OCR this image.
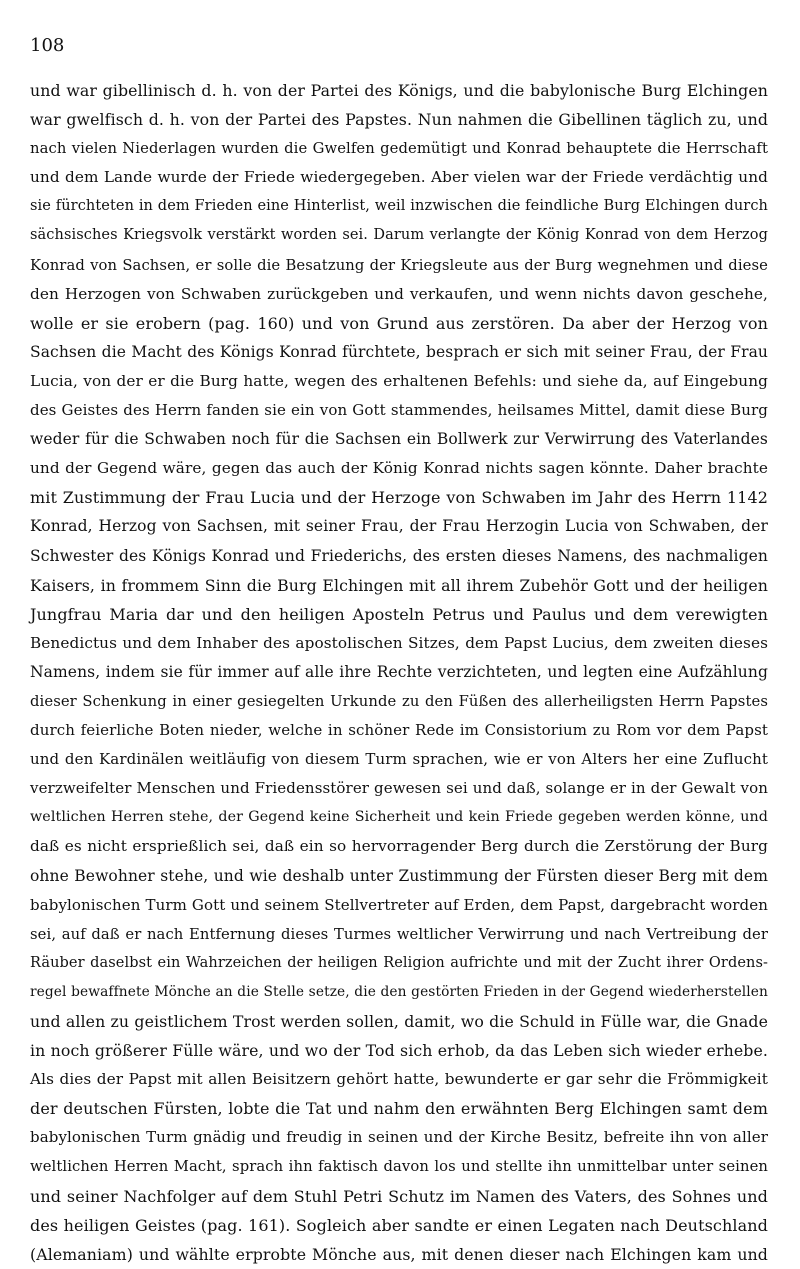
108
und war gibellinisch d. h. von der Partei des Königs, und die babylonische Burg Elchingen
war gwelfisch d. h. von der Partei des Papstes. Nun nahmen die Gibellinen täglich zu, und
nach vielen Niederlagen wurden die Gwelfen gedemütigt und Konrad behauptete die Herrschaft
und dem Lande wurde der Friede wiedergegeben. Aber vielen war der Friede verdächtig und
sie fürchteten in dem Frieden eine Hinterlist, weil inzwischen die feindliche Burg Elchingen durch
sächsisches Kriegsvolk verstärkt worden sei. Darum verlangte der König Konrad von dem Herzog
Konrad von Sachsen, er solle die Besatzung der Kriegsleute aus der Burg wegnehmen und diese
den Herzogen von Schwaben zurückgeben und verkaufen, und wenn nichts davon geschehe,
wolle er sie erobern (pag. 160) und von Grund aus zerstören. Da aber der Herzog von
Sachsen die Macht des Königs Konrad fürchtete, besprach er sich mit seiner Frau, der Frau
Lucia, von der er die Burg hatte, wegen des erhaltenen Befehls: und siehe da, auf Eingebung
des Geistes des Herrn fanden sie ein von Gott stammendes, heilsames Mittel, damit diese Burg
weder für die Schwaben noch für die Sachsen ein Bollwerk zur Verwirrung des Vaterlandes
und der Gegend wäre, gegen das auch der König Konrad nichts sagen könnte. Daher brachte
mit Zustimmung der Frau Lucia und der Herzoge von Schwaben im Jahr des Herrn 1142
Konrad, Herzog von Sachsen, mit seiner Frau, der Frau Herzogin Lucia von Schwaben, der
Schwester des Königs Konrad und Friederichs, des ersten dieses Namens, des nachmaligen
Kaisers, in frommem Sinn die Burg Elchingen mit all ihrem Zubehör Gott und der heiligen
Jungfrau Maria dar und den heiligen Aposteln Petrus und Paulus und dem verewigten
Benedictus und dem Inhaber des apostolischen Sitzes, dem Papst Lucius, dem zweiten dieses
Namens, indem sie für immer auf alle ihre Rechte verzichteten, und legten eine Aufzählung
dieser Schenkung in einer gesiegelten Urkunde zu den Füßen des allerheiligsten Herrn Papstes
durch feierliche Boten nieder, welche in schöner Rede im Consistorium zu Rom vor dem Papst
und den Kardinälen weitläufig von diesem Turm sprachen, wie er von Alters her eine Zuflucht
verzweifelter Menschen und Friedensstörer gewesen sei und daß, solange er in der Gewalt von
weltlichen Herren stehe, der Gegend keine Sicherheit und kein Friede gegeben werden könne, und
daß es nicht ersprießlich sei, daß ein so hervorragender Berg durch die Zerstörung der Burg
ohne Bewohner stehe, und wie deshalb unter Zustimmung der Fürsten dieser Berg mit dem
babylonischen Turm Gott und seinem Stellvertreter auf Erden, dem Papst, dargebracht worden
sei, auf daß er nach Entfernung dieses Turmes weltlicher Verwirrung und nach Vertreibung der
Räuber daselbst ein Wahrzeichen der heiligen Religion aufrichte und mit der Zucht ihrer Ordens-
regel bewaffnete Mönche an die Stelle setze, die den gestörten Frieden in der Gegend wiederherstellen
und allen zu geistlichem Trost werden sollen, damit, wo die Schuld in Fülle war, die Gnade
in noch größerer Fülle wäre, und wo der Tod sich erhob, da das Leben sich wieder erhebe.
Als dies der Papst mit allen Beisitzern gehört hatte, bewunderte er gar sehr die Frömmigkeit
der deutschen Fürsten, lobte die Tat und nahm den erwähnten Berg Elchingen samt dem
babylonischen Turm gnädig und freudig in seinen und der Kirche Besitz, befreite ihn von aller
weltlichen Herren Macht, sprach ihn faktisch davon los und stellte ihn unmittelbar unter seinen
und seiner Nachfolger auf dem Stuhl Petri Schutz im Namen des Vaters, des Sohnes und
des heiligen Geistes (pag. 161). Sogleich aber sandte er einen Legaten nach Deutschland
(Alemaniam) und wählte erprobte Mönche aus, mit denen dieser nach Elchingen kam und
